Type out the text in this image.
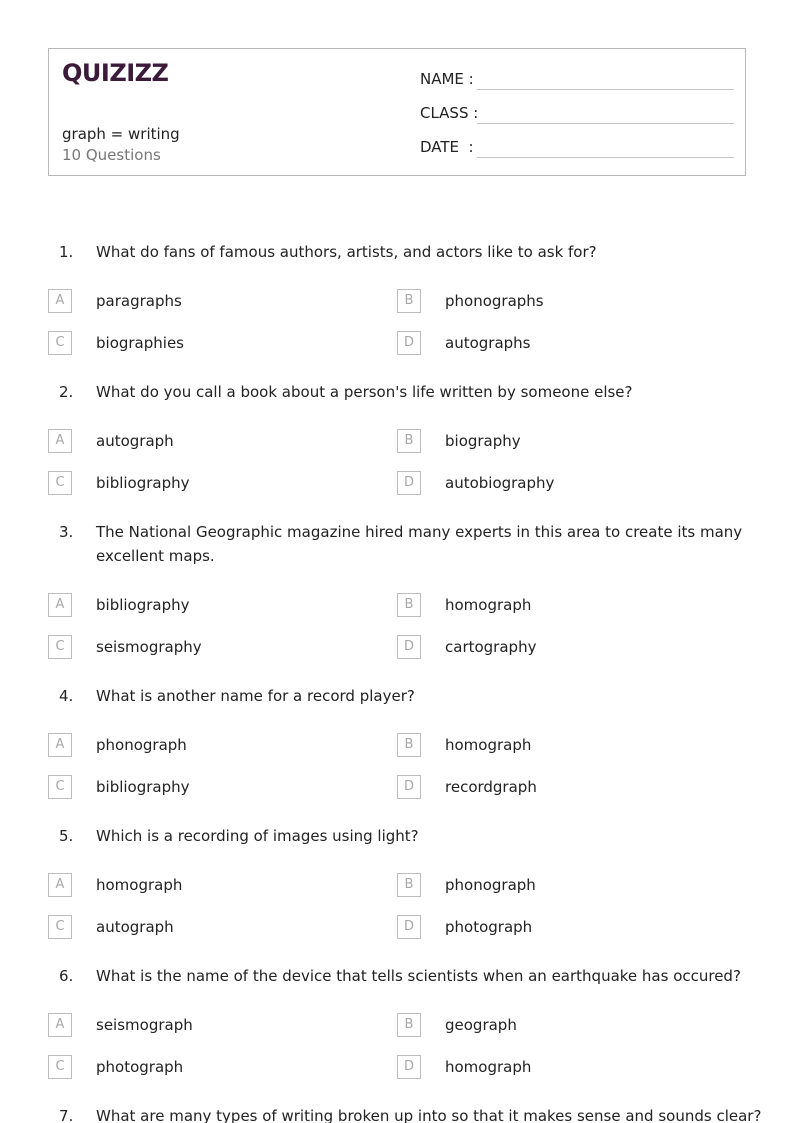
QUIZIZZ
graph = writing
10 Questions
NAME :
CLASS :
DATE  :
1. What do fans of famous authors, artists, and actors like to ask for?
A	paragraphs	B	phonographs
C	biographies	D	autographs
2. What do you call a book about a person's life written by someone else?
A	autograph	B	biography
C	bibliography	D	autobiography
3. The National Geographic magazine hired many experts in this area to create its many excellent maps.
A	bibliography	B	homograph
C	seismography	D	cartography
4. What is another name for a record player?
A	phonograph	B	homograph
C	bibliography	D	recordgraph
5. Which is a recording of images using light?
A	homograph	B	phonograph
C	autograph	D	photograph
6. What is the name of the device that tells scientists when an earthquake has occured?
A	seismograph	B	geograph
C	photograph	D	homograph
7. What are many types of writing broken up into so that it makes sense and sounds clear?
